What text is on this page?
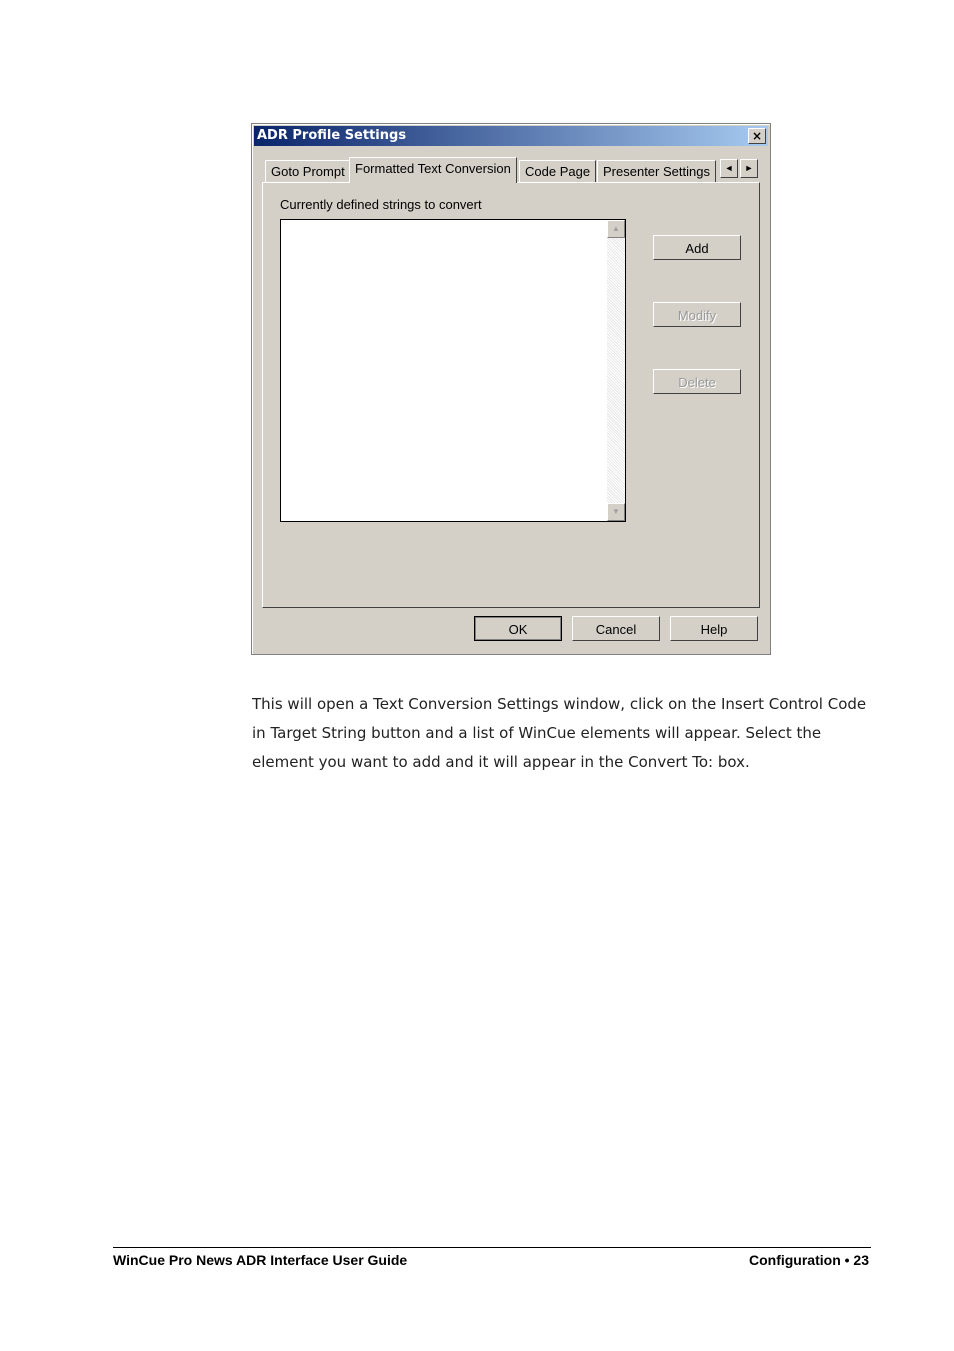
ADR Profile Settings	×
Goto Prompt Formatted Text Conversion	Code Page Presenter Settings	◄	►
Currently defined strings to convert
▲
▼
Add
Modify
Delete
OK	Cancel	Help
This will open a Text Conversion Settings window, click on the Insert Control Code in Target String button and a list of WinCue elements will appear. Select the element you want to add and it will appear in the Convert To: box.
WinCue Pro News ADR Interface User Guide	Configuration • 23
